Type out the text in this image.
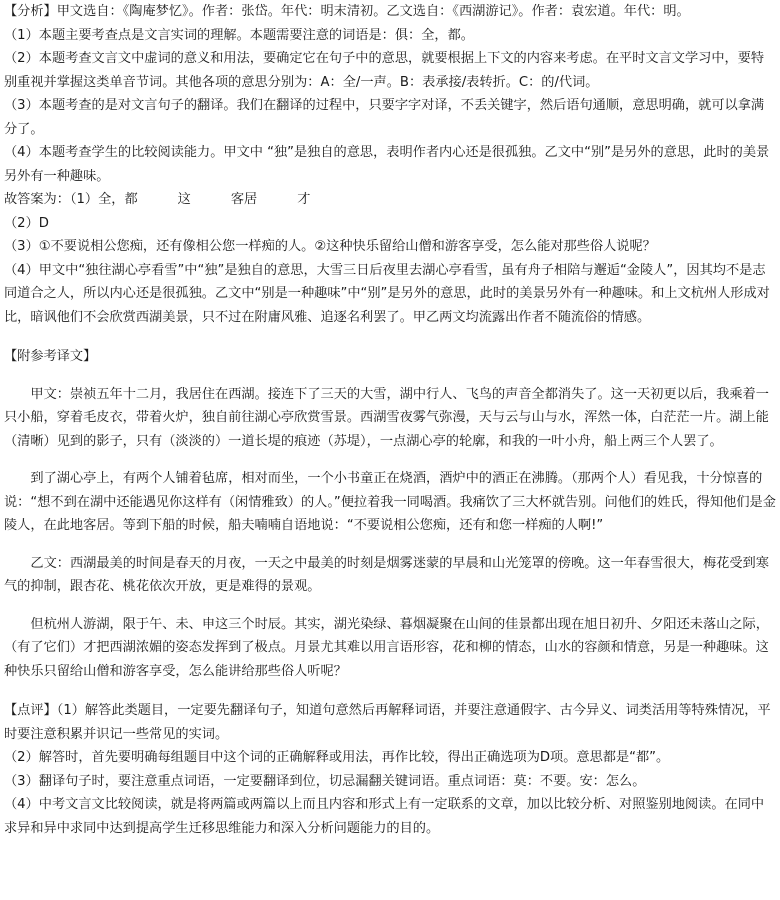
【分析】甲文选自：《陶庵梦忆》。作者：张岱。年代：明末清初。乙文选自：《西湖游记》。作者：袁宏道。年代：明。
（1）本题主要考查点是文言实词的理解。本题需要注意的词语是：俱：全，都。
（2）本题考查文言文中虚词的意义和用法，要确定它在句子中的意思，就要根据上下文的内容来考虑。在平时文言文学习中，要特别重视并掌握这类单音节词。其他各项的意思分别为：A：全/一声。B：表承接/表转折。C：的/代词。
（3）本题考查的是对文言句子的翻译。我们在翻译的过程中，只要字字对译，不丢关键字，然后语句通顺，意思明确，就可以拿满分了。
（4）本题考查学生的比较阅读能力。甲文中 “独”是独自的意思，表明作者内心还是很孤独。乙文中“别”是另外的意思，此时的美景另外有一种趣味。
故答案为：（1）全，都	这	客居	才
（2）D
（3）①不要说相公您痴，还有像相公您一样痴的人。②这种快乐留给山僧和游客享受，怎么能对那些俗人说呢？
（4）甲文中“独往湖心亭看雪”中“独”是独自的意思，大雪三日后夜里去湖心亭看雪，虽有舟子相陪与邂逅“金陵人”，因其均不是志同道合之人，所以内心还是很孤独。乙文中“别是一种趣味”中“别”是另外的意思，此时的美景另外有一种趣味。和上文杭州人形成对比，暗讽他们不会欣赏西湖美景，只不过在附庸风雅、追逐名利罢了。甲乙两文均流露出作者不随流俗的情感。
【附参考译文】

甲文：崇祯五年十二月，我居住在西湖。接连下了三天的大雪，湖中行人、飞鸟的声音全都消失了。这一天初更以后，我乘着一只小船，穿着毛皮衣，带着火炉，独自前往湖心亭欣赏雪景。西湖雪夜雾气弥漫，天与云与山与水，浑然一体，白茫茫一片。湖上能（清晰）见到的影子，只有（淡淡的）一道长堤的痕迹（苏堤），一点湖心亭的轮廓，和我的一叶小舟，船上两三个人罢了。

到了湖心亭上，有两个人铺着毡席，相对而坐，一个小书童正在烧酒，酒炉中的酒正在沸腾。（那两个人）看见我，十分惊喜的说：“想不到在湖中还能遇见你这样有（闲情雅致）的人。”便拉着我一同喝酒。我痛饮了三大杯就告别。问他们的姓氏，得知他们是金陵人，在此地客居。等到下船的时候，船夫喃喃自语地说：“不要说相公您痴，还有和您一样痴的人啊!”

乙文：西湖最美的时间是春天的月夜，一天之中最美的时刻是烟雾迷蒙的早晨和山光笼罩的傍晚。这一年春雪很大，梅花受到寒气的抑制，跟杏花、桃花依次开放，更是难得的景观。

但杭州人游湖，限于午、未、申这三个时辰。其实，湖光染绿、暮烟凝聚在山间的佳景都出现在旭日初升、夕阳还未落山之际，（有了它们）才把西湖浓媚的姿态发挥到了极点。月景尤其难以用言语形容，花和柳的情态，山水的容颜和情意，另是一种趣味。这种快乐只留给山僧和游客享受，怎么能讲给那些俗人听呢？

【点评】（1）解答此类题目，一定要先翻译句子，知道句意然后再解释词语，并要注意通假字、古今异义、词类活用等特殊情况，平时要注意积累并识记一些常见的实词。
（2）解答时，首先要明确每组题目中这个词的正确解释或用法，再作比较，得出正确选项为D项。意思都是“都”。
（3）翻译句子时，要注意重点词语，一定要翻译到位，切忌漏翻关键词语。重点词语：莫：不要。安：怎么。
（4）中考文言文比较阅读，就是将两篇或两篇以上而且内容和形式上有一定联系的文章，加以比较分析、对照鉴别地阅读。在同中求异和异中求同中达到提高学生迁移思维能力和深入分析问题能力的目的。
